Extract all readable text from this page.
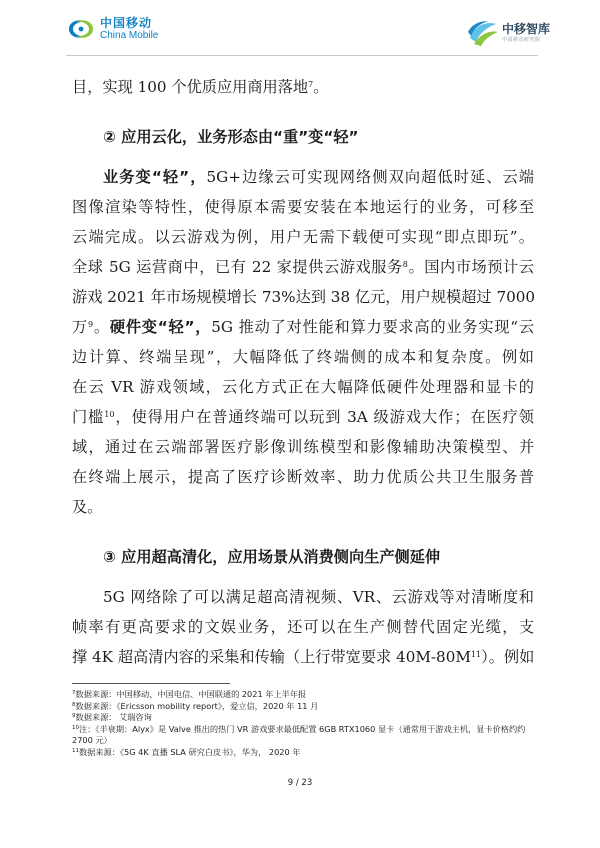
中国移动
China Mobile	中移智库
中国移动研究院
目，实现 100 个优质应用商用落地$^7$。
② 应用云化，业务形态由“重”变“轻”
业务变“轻”，5G+边缘云可实现网络侧双向超低时延、云端
图像渲染等特性，使得原本需要安装在本地运行的业务，可移至
云端完成。以云游戏为例，用户无需下载便可实现“即点即玩”。
全球 5G 运营商中，已有 22 家提供云游戏服务$^8$。国内市场预计云
游戏 2021 年市场规模增长 73%达到 38 亿元，用户规模超过 7000
万$^9$。硬件变“轻”，5G 推动了对性能和算力要求高的业务实现“云
边计算、终端呈现”，大幅降低了终端侧的成本和复杂度。例如
在云 VR 游戏领域，云化方式正在大幅降低硬件处理器和显卡的
门槛$^{10}$，使得用户在普通终端可以玩到 3A 级游戏大作；在医疗领
域，通过在云端部署医疗影像训练模型和影像辅助决策模型、并
在终端上展示，提高了医疗诊断效率、助力优质公共卫生服务普
及。
③ 应用超高清化，应用场景从消费侧向生产侧延伸
5G 网络除了可以满足超高清视频、VR、云游戏等对清晰度和
帧率有更高要求的文娱业务，还可以在生产侧替代固定光缆，支
撑 4K 超高清内容的采集和传输（上行带宽要求 $40M-80M^{11}$）。例如
$^7$数据来源：中国移动、中国电信、中国联通的 2021 年上半年报
$^8$数据来源：《Ericsson mobility report》，爱立信，2020 年 11 月
$^9$数据来源： 艾瑞咨询
$^{10}$注：《半衰期：Alyx》是 Valve 推出的热门 VR 游戏要求最低配置 6GB RTX1060 显卡（通常用于游戏主机，显卡价格约约 2700 元）
$^{11}$数据来源：《5G 4K 直播 SLA 研究白皮书》，华为， 2020 年
9 / 23
